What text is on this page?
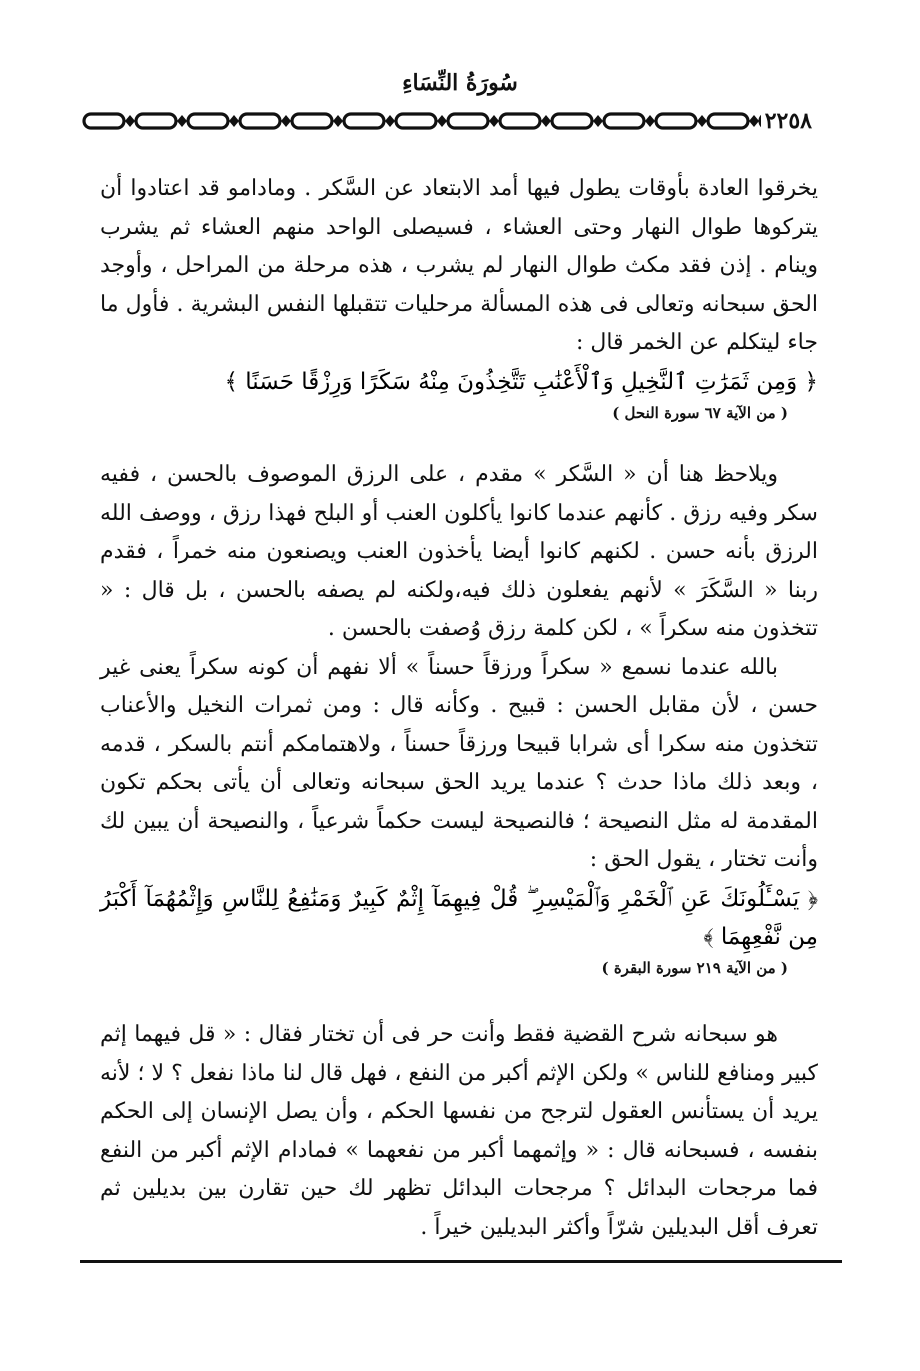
سُورَةُ النِّسَاءِ
٢٢٥٨

يخرقوا العادة بأوقات يطول فيها أمد الابتعاد عن السَّكر . ومادامو قد اعتادوا أن يتركوها طوال النهار وحتى العشاء ، فسيصلى الواحد منهم العشاء ثم يشرب وينام . إذن فقد مكث طوال النهار لم يشرب ، هذه مرحلة من المراحل ، وأوجد الحق سبحانه وتعالى فى هذه المسألة مرحليات تتقبلها النفس البشرية . فأول ما جاء ليتكلم عن الخمر قال :

﴿ وَمِن ثَمَرَٰتِ ٱلنَّخِيلِ وَٱلْأَعْنَٰبِ تَتَّخِذُونَ مِنْهُ سَكَرًا وَرِزْقًا حَسَنًا ﴾

( من الآية ٦٧ سورة النحل )

ويلاحظ هنا أن « السَّكر » مقدم ، على الرزق الموصوف بالحسن ، ففيه سكر وفيه رزق . كأنهم عندما كانوا يأكلون العنب أو البلح فهذا رزق ، ووصف الله الرزق بأنه حسن . لكنهم كانوا أيضا يأخذون العنب ويصنعون منه خمراً ، فقدم ربنا « السَّكَرَ » لأنهم يفعلون ذلك فيه،ولكنه لم يصفه بالحسن ، بل قال : « تتخذون منه سكراً » ، لكن كلمة رزق وُصفت بالحسن .

بالله عندما نسمع « سكراً ورزقاً حسناً » ألا نفهم أن كونه سكراً يعنى غير حسن ، لأن مقابل الحسن : قبيح . وكأنه قال : ومن ثمرات النخيل والأعناب تتخذون منه سكرا أى شرابا قبيحا ورزقاً حسناً ، ولاهتمامكم أنتم بالسكر ، قدمه ، وبعد ذلك ماذا حدث ؟ عندما يريد الحق سبحانه وتعالى أن يأتى بحكم تكون المقدمة له مثل النصيحة ؛ فالنصيحة ليست حكماً شرعياً ، والنصيحة أن يبين لك وأنت تختار ، يقول الحق :

﴿ يَسْـَٔلُونَكَ عَنِ ٱلْخَمْرِ وَٱلْمَيْسِرِ ۖ قُلْ فِيهِمَآ إِثْمٌ كَبِيرٌ وَمَنَٰفِعُ لِلنَّاسِ وَإِثْمُهُمَآ أَكْبَرُ مِن نَّفْعِهِمَا ﴾

( من الآية ٢١٩ سورة البقرة )

هو سبحانه شرح القضية فقط وأنت حر فى أن تختار فقال : « قل فيهما إثم كبير ومنافع للناس » ولكن الإثم أكبر من النفع ، فهل قال لنا ماذا نفعل ؟ لا ؛ لأنه يريد أن يستأنس العقول لترجح من نفسها الحكم ، وأن يصل الإنسان إلى الحكم بنفسه ، فسبحانه قال : « وإثمهما أكبر من نفعهما » فمادام الإثم أكبر من النفع فما مرجحات البدائل ؟ مرجحات البدائل تظهر لك حين تقارن بين بديلين ثم تعرف أقل البديلين شرّاً وأكثر البديلين خيراً .
